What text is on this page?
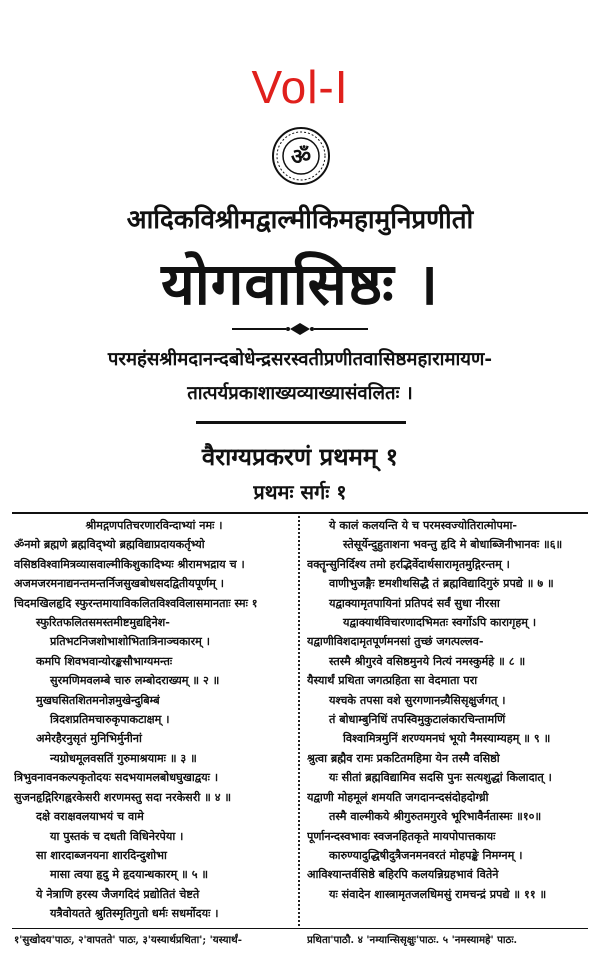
Vol-I
ॐ
आदिकविश्रीमद्वाल्मीकिमहामुनिप्रणीतो
योगवासिष्ठः ।
परमहंसश्रीमदानन्दबोधेन्द्रसरस्वतीप्रणीतवासिष्ठमहारामायण-
तात्पर्यप्रकाशाख्यव्याख्यासंवलितः ।
वैराग्यप्रकरणं प्रथमम् १
प्रथमः सर्गः १
श्रीमद्गणपतिचरणारविन्दाभ्यां नमः ।
ॐनमो ब्रह्मणे ब्रह्मविद्भ्यो ब्रह्मविद्याप्रदायकर्तृभ्यो
वसिष्ठविश्वामित्रव्यासवाल्मीकिशुकादिभ्यः श्रीरामभद्राय च ।
अजमजरमनाद्यनन्तमन्तर्निजसुखबोधसदद्वितीयपूर्णम् ।
चिदमखिलहृदि स्फुरन्तमायाविकलितविश्वविलासमानताः स्मः १
स्फुरितफलितसमस्तमीष्टमुद्यद्दिनेश-
प्रतिभटनिजशोभाशोभितात्रिनाञ्चकारम् ।
कमपि शिवभवान्योरङ्कसौभाग्यमन्तः
सुरमणिमवलम्बे चारु लम्बोदराख्यम् ॥ २ ॥
मुखघसितशितमनोज्ञमुखेन्दुबिम्बं
त्रिदशप्रतिमचारुकृपाकटाक्षम् ।
अमेरहैरनुसृतं मुनिभिर्मुनीनां
न्यग्रोधमूलवसतिं गुरुमाश्रयामः ॥ ३ ॥
त्रिभुवनावनकल्पकृतोदयः सदभयामलबोधघुखाद्वयः ।
सुजनहृद्गिरिगह्वरकेसरी शरणमस्तु सदा नरकेसरी ॥ ४ ॥
दक्षे वराक्षवलयाभयं च वामे
या पुस्तकं च दधती विधिनेरपेया ।
सा शारदाब्जनयना शारदिन्दुशोभा
मासा त्वया हृदु मे हृदयान्धकारम् ॥ ५ ॥
ये नेत्राणि हरस्य जैजगदिदं प्रद्योतितं चेष्टते
यत्रैवोयतते श्रुतिस्मृतिगुतो धर्मः सधर्मोदयः ।
ये कालं कलयन्ति ये च परमस्वज्योतिरात्मोपमा-
स्तेसूर्येन्दुहुताशना भवन्तु हृदि मे बोधाब्जिनीभानवः ॥६॥
वक्तॄन्सुनिर्दिश्य तमो हरद्भिर्वेदार्थसारामृतमुद्गिरन्तम् ।
वाणीभुजङ्गैः ष्टमशीथसिद्धै तं ब्रह्मविद्यादिगुरुं प्रपद्ये ॥ ७ ॥
यद्वाक्यामृतपायिनां प्रतिपदं सर्वं सुधा नीरसा
यद्वाक्यार्थविचारणादभिमतः स्वर्गोऽपि कारागृहम् ।
यद्वाणीविशदामृतपूर्णमनसां तुच्छं जगत्पल्लव-
स्तस्मै श्रीगुरवे वसिष्ठमुनये नित्यं नमस्कुर्महे ॥ ८ ॥
यैस्यार्थं प्रथिता जगत्प्रहिता सा वेदमाता परा
यश्चके तपसा वशे सुरगणानन्र्यैसिसृक्षुर्जगत् ।
तं बोधाम्बुनिधिं तपस्विमुकुटालंकारचिन्तामणिं
विश्वामित्रमुनिं शरण्यमनघं भूयो नैमस्याम्यहम् ॥ ९ ॥
श्रुत्वा ब्रह्मैव रामः प्रकटितमहिमा येन तस्मै वसिष्ठो
यः सीतां ब्रह्मविद्यामिव सदसि पुनः सत्यशुद्धां किलादात् ।
यद्वाणी मोहमूलं शमयति जगदानन्दसंदोहदोग्ध्री
तस्मै वाल्मीकये श्रीगुरुतमगुरवे भूरिभावैर्नतास्मः ॥१०॥
पूर्णानन्दस्वभावः स्वजनहितकृते मायपोपात्तकायः
कारुण्यादुद्धिषीदुत्रैजनमनवरतं मोहपङ्के निमग्नम् ।
आविश्यान्तर्वसिष्ठे बहिरपि कलयन्निग्रहभावं वितेने
यः संवादेन शास्त्रामृतजलधिमसुं रामचन्द्रं प्रपद्ये ॥ ११ ॥
१'सुखोदय'पाठः, २'वापतते' पाठः, ३'यस्यार्थप्रथिता'; 'यस्यार्थं-	प्रथिता'पाठौ. ४ 'नम्यान्सिसृक्षुः'पाठः. ५ 'नमस्यामहे' पाठः.
